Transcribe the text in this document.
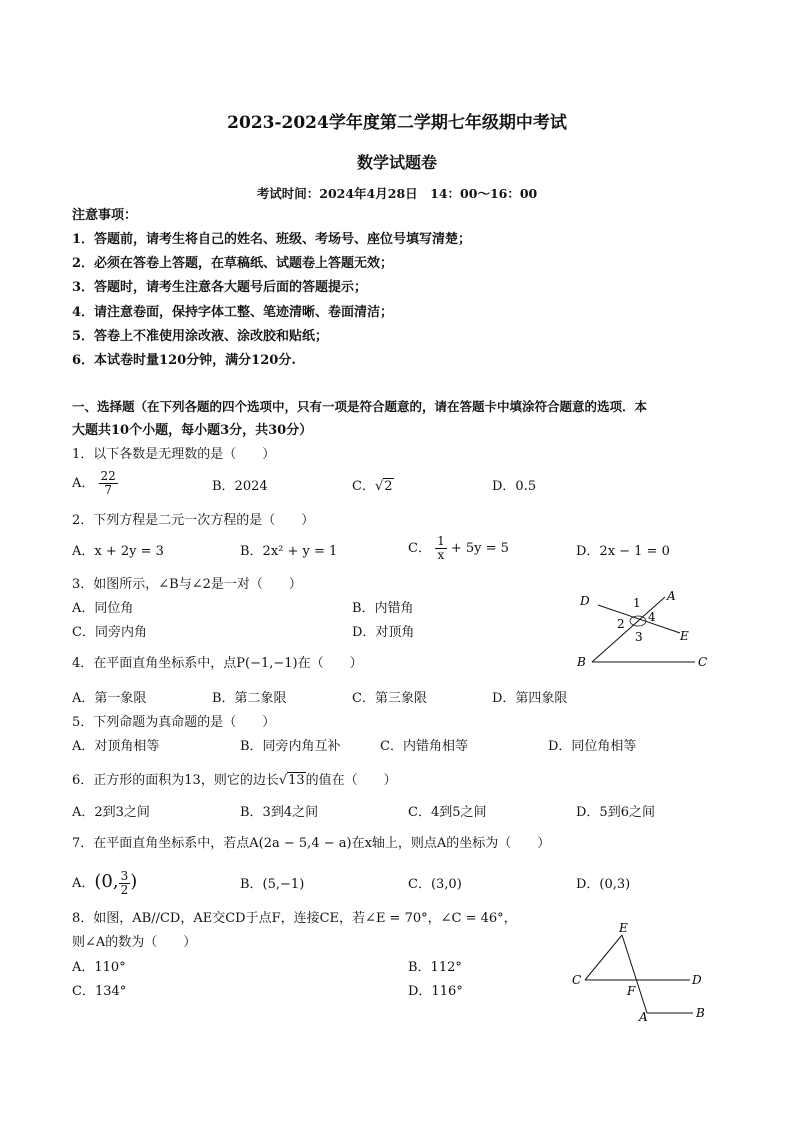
2023-2024学年度第二学期七年级期中考试
数学试题卷
考试时间：2024年4月28日　14：00～16：00
注意事项：
1．答题前，请考生将自己的姓名、班级、考场号、座位号填写清楚；
2．必须在答卷上答题，在草稿纸、试题卷上答题无效；
3．答题时，请考生注意各大题号后面的答题提示；
4．请注意卷面，保持字体工整、笔迹清晰、卷面清洁；
5．答卷上不准使用涂改液、涂改胶和贴纸；
6．本试卷时量120分钟，满分120分.
一、选择题（在下列各题的四个选项中，只有一项是符合题意的，请在答题卡中填涂符合题意的选项．本
大题共10个小题，每小题3分，共30分）
1．以下各数是无理数的是（　　）
A． $\frac{22}{7}$	B．2024	C．√2	D．0.5
2．下列方程是二元一次方程的是（　　）
A．x + 2y = 3	B．2x² + y = 1	C． $\frac{1}{x} + 5y = 5$	D．2x − 1 = 0
3．如图所示，∠B与∠2是一对（　　）
A．同位角	B．内错角
C．同旁内角	D．对顶角
D	A
1
2 4
3	E
B	C
4．在平面直角坐标系中，点P(−1,−1)在（　　）
A．第一象限	B．第二象限	C．第三象限	D．第四象限
5．下列命题为真命题的是（　　）
A．对顶角相等	B．同旁内角互补	C．内错角相等	D．同位角相等
6．正方形的面积为13，则它的边长√13的值在（　　）
A．2到3之间	B．3到4之间	C．4到5之间	D．5到6之间
7．在平面直角坐标系中，若点A(2a − 5,4 − a)在x轴上，则点A的坐标为（　　）
A．(0, $\frac{3}{2}$ )	B．(5,−1)	C．(3,0)	D．(0,3)
8．如图，AB//CD，AE交CD于点F，连接CE，若∠E = 70°，∠C = 46°，
则∠A的数为（　　）
A．110°	B．112°
C．134°	D．116°
E
C	D
F
A	B
